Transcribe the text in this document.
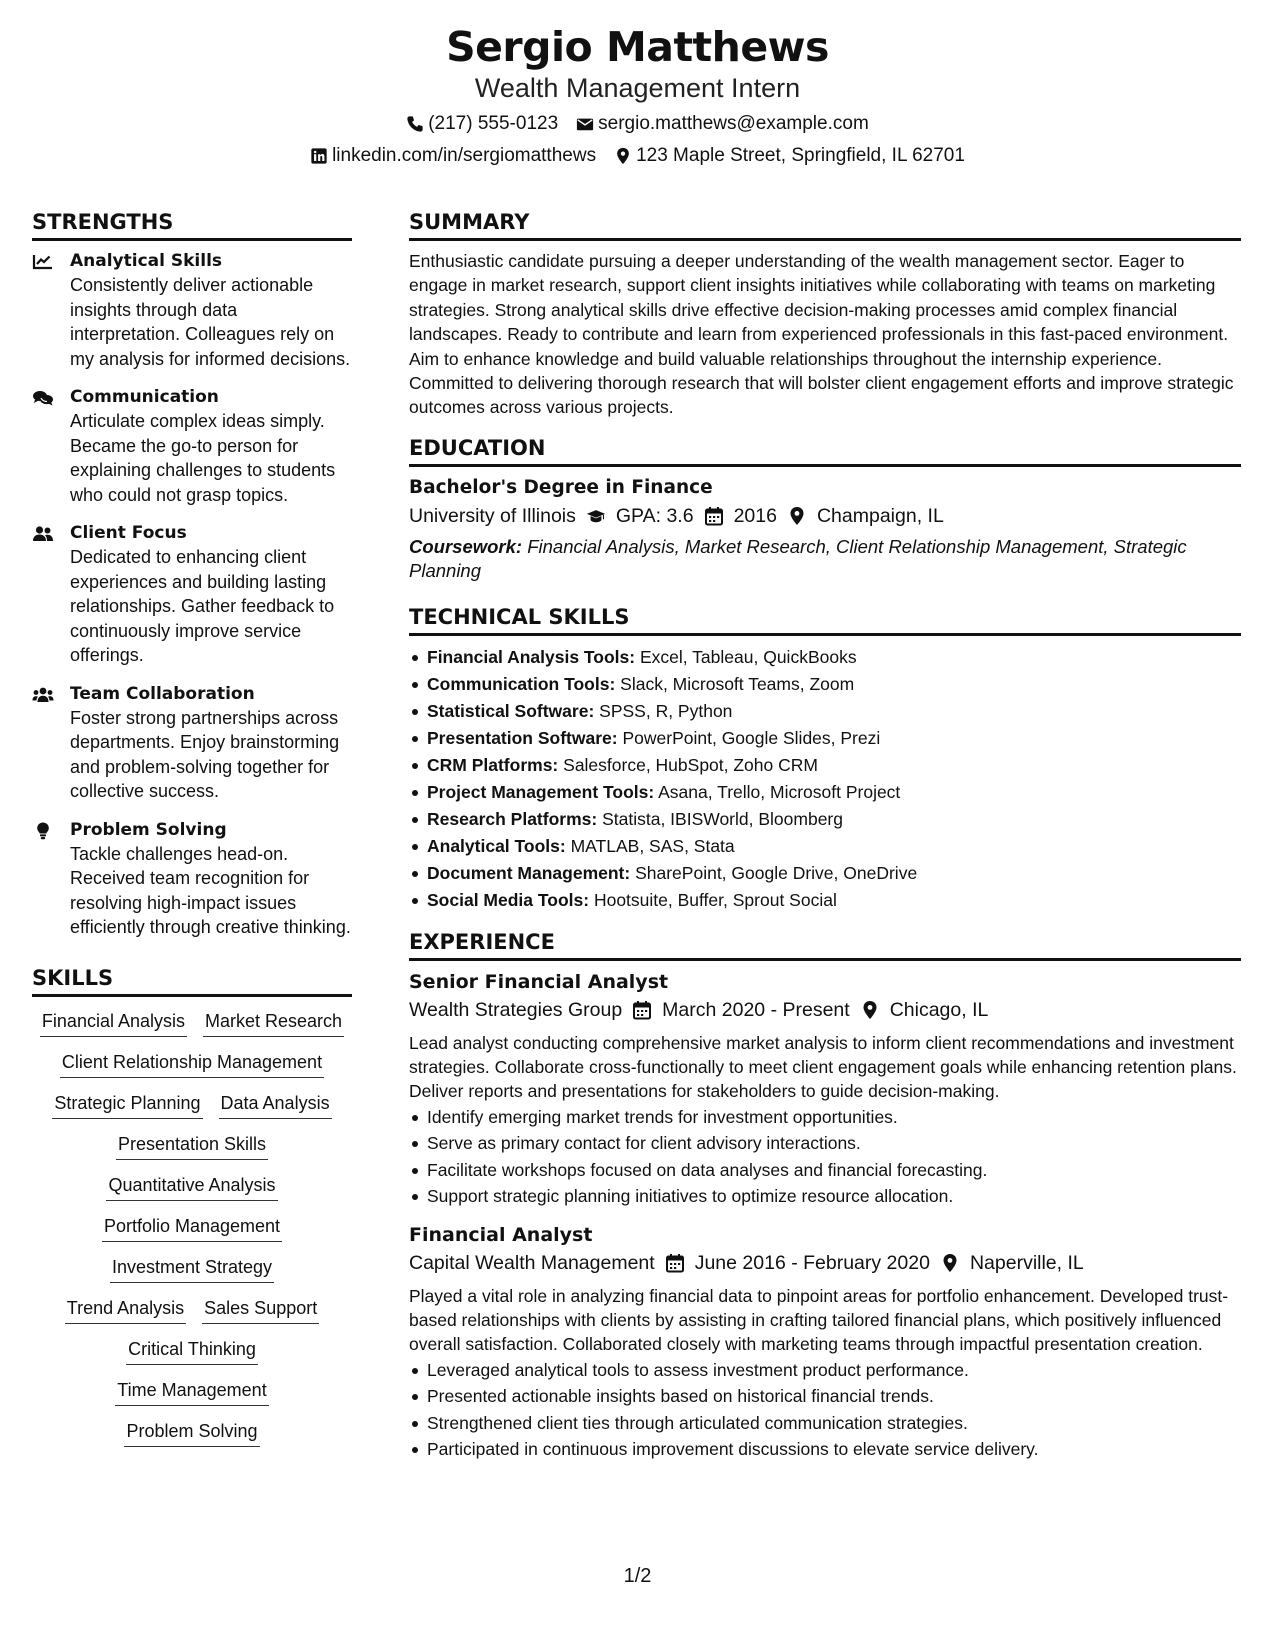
Sergio Matthews
Wealth Management Intern
(217) 555-0123 sergio.matthews@example.com
linkedin.com/in/sergiomatthews 123 Maple Street, Springfield, IL 62701
STRENGTHS
Analytical Skills
Consistently deliver actionable insights through data interpretation. Colleagues rely on my analysis for informed decisions.
Communication
Articulate complex ideas simply. Became the go-to person for explaining challenges to students who could not grasp topics.
Client Focus
Dedicated to enhancing client experiences and building lasting relationships. Gather feedback to continuously improve service offerings.
Team Collaboration
Foster strong partnerships across departments. Enjoy brainstorming and problem-solving together for collective success.
Problem Solving
Tackle challenges head-on. Received team recognition for resolving high-impact issues efficiently through creative thinking.
SKILLS
Financial Analysis Market Research
Client Relationship Management
Strategic Planning Data Analysis
Presentation Skills
Quantitative Analysis
Portfolio Management
Investment Strategy
Trend Analysis Sales Support
Critical Thinking
Time Management
Problem Solving
SUMMARY
Enthusiastic candidate pursuing a deeper understanding of the wealth management sector. Eager to engage in market research, support client insights initiatives while collaborating with teams on marketing strategies. Strong analytical skills drive effective decision-making processes amid complex financial landscapes. Ready to contribute and learn from experienced professionals in this fast-paced environment. Aim to enhance knowledge and build valuable relationships throughout the internship experience. Committed to delivering thorough research that will bolster client engagement efforts and improve strategic outcomes across various projects.
EDUCATION
Bachelor's Degree in Finance
University of Illinois GPA: 3.6 2016 Champaign, IL
Coursework: Financial Analysis, Market Research, Client Relationship Management, Strategic Planning
TECHNICAL SKILLS
Financial Analysis Tools: Excel, Tableau, QuickBooks
Communication Tools: Slack, Microsoft Teams, Zoom
Statistical Software: SPSS, R, Python
Presentation Software: PowerPoint, Google Slides, Prezi
CRM Platforms: Salesforce, HubSpot, Zoho CRM
Project Management Tools: Asana, Trello, Microsoft Project
Research Platforms: Statista, IBISWorld, Bloomberg
Analytical Tools: MATLAB, SAS, Stata
Document Management: SharePoint, Google Drive, OneDrive
Social Media Tools: Hootsuite, Buffer, Sprout Social
EXPERIENCE
Senior Financial Analyst
Wealth Strategies Group March 2020 - Present Chicago, IL
Lead analyst conducting comprehensive market analysis to inform client recommendations and investment strategies. Collaborate cross-functionally to meet client engagement goals while enhancing retention plans. Deliver reports and presentations for stakeholders to guide decision-making.
Identify emerging market trends for investment opportunities.
Serve as primary contact for client advisory interactions.
Facilitate workshops focused on data analyses and financial forecasting.
Support strategic planning initiatives to optimize resource allocation.
Financial Analyst
Capital Wealth Management June 2016 - February 2020 Naperville, IL
Played a vital role in analyzing financial data to pinpoint areas for portfolio enhancement. Developed trust-based relationships with clients by assisting in crafting tailored financial plans, which positively influenced overall satisfaction. Collaborated closely with marketing teams through impactful presentation creation.
Leveraged analytical tools to assess investment product performance.
Presented actionable insights based on historical financial trends.
Strengthened client ties through articulated communication strategies.
Participated in continuous improvement discussions to elevate service delivery.
1/2
